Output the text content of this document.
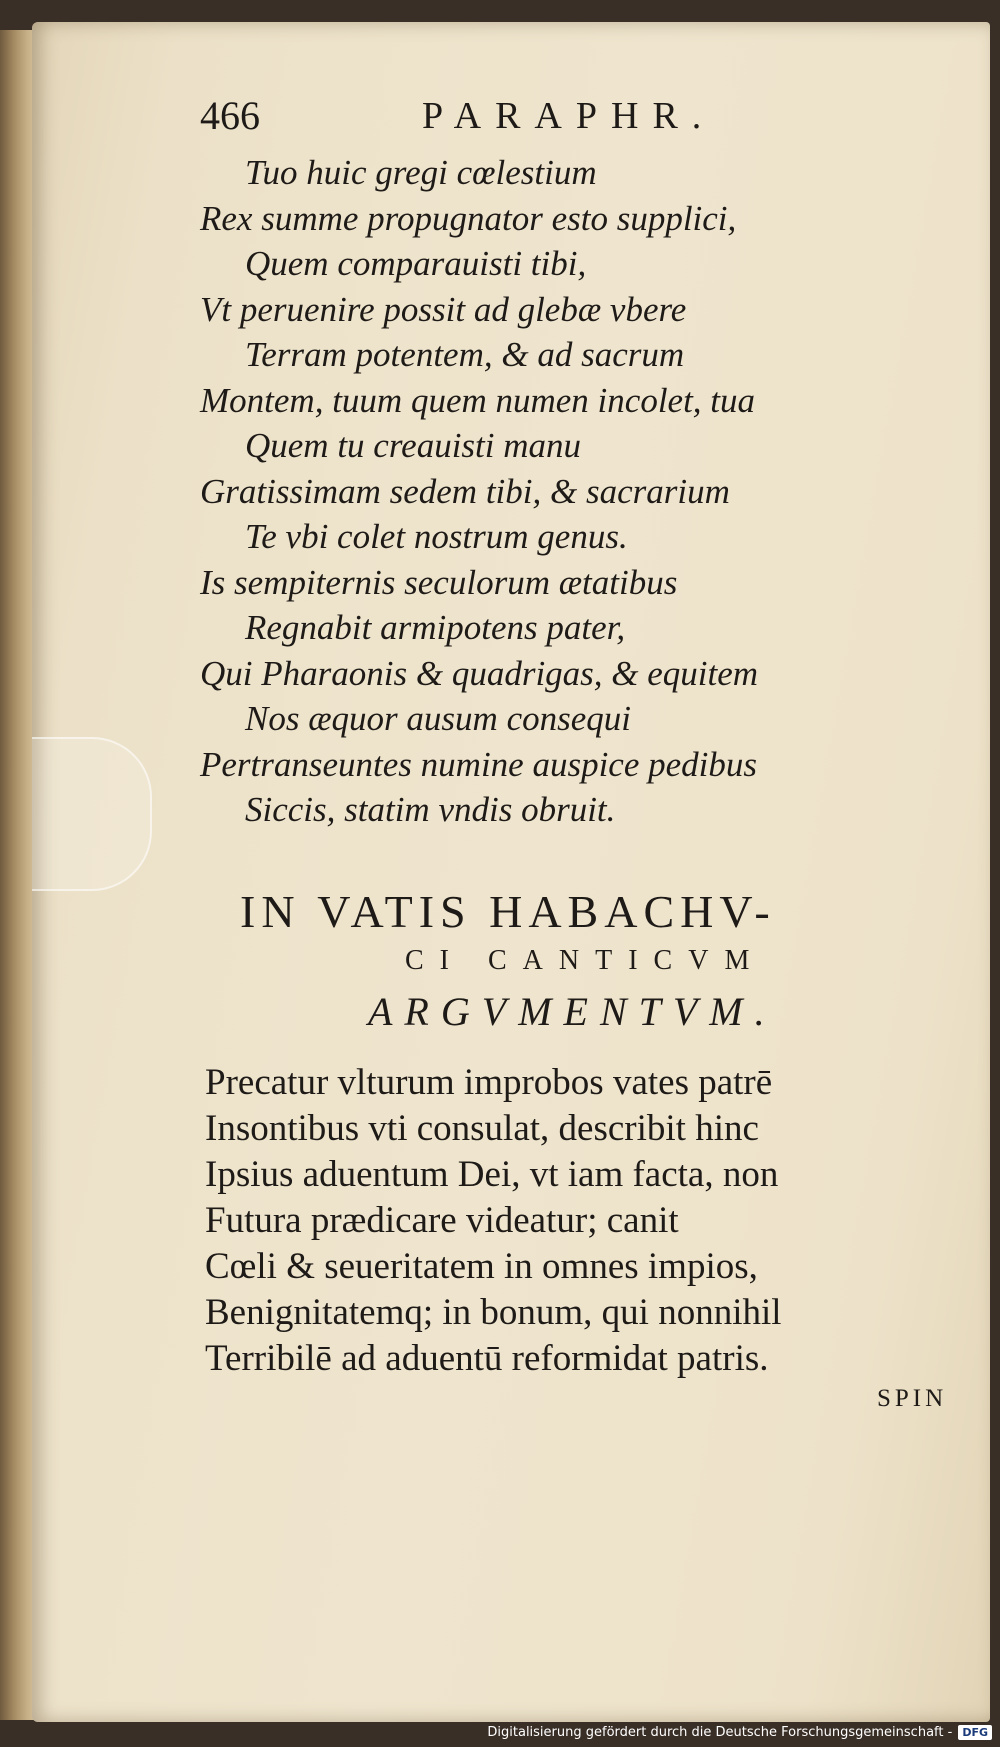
466	PARAPHR.
Tuo huic gregi cœlestium
Rex summe propugnator esto supplici,
Quem comparauisti tibi,
Vt peruenire possit ad glebæ vbere
Terram potentem, & ad sacrum
Montem, tuum quem numen incolet, tua
Quem tu creauisti manu
Gratissimam sedem tibi, & sacrarium
Te vbi colet nostrum genus.
Is sempiternis seculorum ætatibus
Regnabit armipotens pater,
Qui Pharaonis & quadrigas, & equitem
Nos æquor ausum consequi
Pertranseuntes numine auspice pedibus
Siccis, statim vndis obruit.
IN VATIS HABACHV-
CI CANTICVM
ARGVMENTVM.
Precatur vlturum improbos vates patrē
Insontibus vti consulat, describit hinc
Ipsius aduentum Dei, vt iam facta, non
Futura prædicare videatur; canit
Cœli & seueritatem in omnes impios,
Benignitatemq; in bonum, qui nonnihil
Terribilē ad aduentū reformidat patris.
SPIN
Digitalisierung gefördert durch die Deutsche Forschungsgemeinschaft - DFG
